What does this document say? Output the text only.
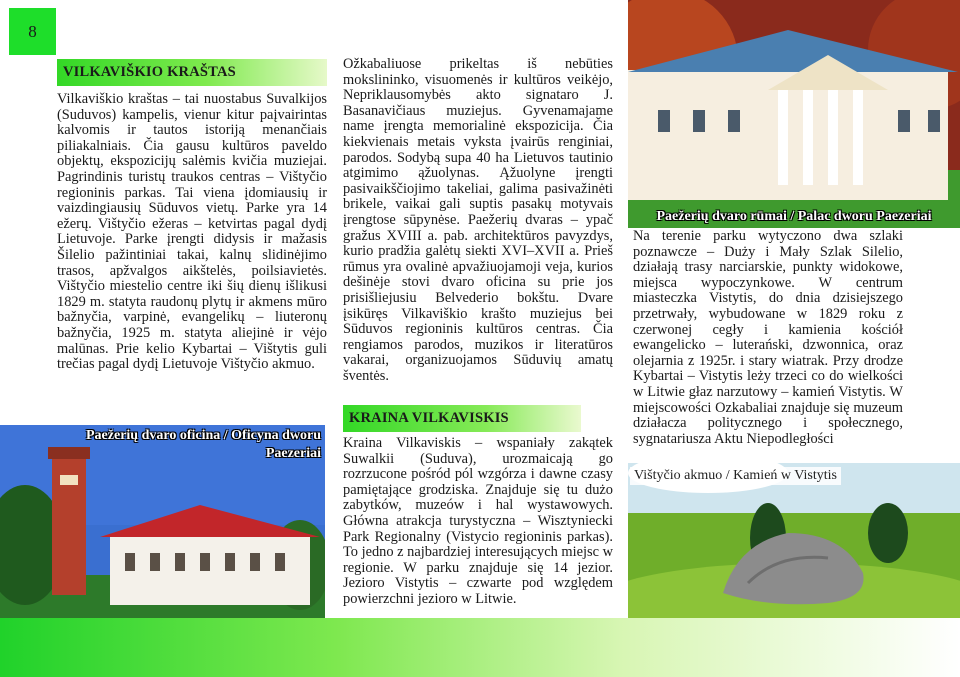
8
VILKAVIŠKIO KRAŠTAS

Vilkaviškio kraštas – tai nuostabus Suvalkijos (Suduvos) kampelis, vienur kitur paįvairintas kalvomis ir tautos istoriją menančiais piliakalniais. Čia gausu kultūros paveldo objektų, ekspozicijų salėmis kvičia muziejai. Pagrindinis turistų traukos centras – Vištyčio regioninis parkas. Tai viena įdomiausių ir vaizdingiausių Sūduvos vietų. Parke yra 14 ežerų. Vištyčio ežeras – ketvirtas pagal dydį Lietuvoje. Parke įrengti didysis ir mažasis Šilelio pažintiniai takai, kalnų slidinėjimo trasos, apžvalgos aikštelės, poilsiavietės. Vištyčio miestelio centre iki šių dienų išlikusi 1829 m. statyta raudonų plytų ir akmens mūro bažnyčia, varpinė, evangelikų – liuteronų bažnyčia, 1925 m. statyta aliejinė ir vėjo malūnas. Prie kelio Kybartai – Vištytis guli trečias pagal dydį Lietuvoje Vištyčio akmuo.

Ožkabaliuose prikeltas iš nebūties mokslininko, visuomenės ir kultūros veikėjo, Nepriklausomybės akto signataro J. Basanavičiaus muziejus. Gyvenamajame name įrengta memorialinė ekspozicija. Čia kiekvienais metais vyksta įvairūs renginiai, parodos. Sodybą supa 40 ha Lietuvos tautinio atgimimo ąžuolynas. Ąžuolyne įrengti pasivaikščiojimo takeliai, galima pasivažinėti brikele, vaikai gali suptis pasakų motyvais įrengtose sūpynėse. Paežerių dvaras – ypač gražus XVIII a. pab. architektūros pavyzdys, kurio pradžia galėtų siekti XVI–XVII a. Prieš rūmus yra ovalinė apvažiuojamoji veja, kurios dešinėje stovi dvaro oficina su prie jos prisišliejusiu Belvederio bokštu. Dvare įsikūręs Vilkaviškio krašto muziejus bei Sūduvos regioninis kultūros centras. Čia rengiamos parodos, muzikos ir literatūros vakarai, organizuojamos Sūduvių amatų šventės.

KRAINA VILKAVISKIS

Kraina Vilkaviskis – wspaniały zakątek Suwalkii (Suduva), urozmaicają go rozrzucone pośród pól wzgórza i dawne czasy pamiętające grodziska. Znajduje się tu dużo zabytków, muzeów i hal wystawowych. Główna atrakcja turystyczna – Wisztyniecki Park Regionalny (Vistycio regioninis parkas). To jedno z najbardziej interesujących miejsc w regionie. W parku znajduje się 14 jezior. Jezioro Vistytis – czwarte pod względem powierzchni jezioro w Litwie.

Na terenie parku wytyczono dwa szlaki poznawcze – Duży i Mały Szlak Silelio, działają trasy narciarskie, punkty widokowe, miejsca wypoczynkowe. W centrum miasteczka Vistytis, do dnia dzisiejszego przetrwały, wybudowane w 1829 roku z czerwonej cegły i kamienia kościół ewangelicko – luterański, dzwonnica, oraz olejarnia z 1925r. i stary wiatrak. Przy drodze Kybartai – Vistytis leży trzeci co do wielkości w Litwie głaz narzutowy – kamień Vistytis. W miejscowości Ozkabaliai znajduje się muzeum działacza politycznego i społecznego, sygnatariusza Aktu Niepodległości

Paežerių dvaro oficina / Oficyna dworu Paezeriai
Paežerių dvaro rūmai / Palac dworu Paezeriai
Vištyčio akmuo / Kamień w Vistytis
